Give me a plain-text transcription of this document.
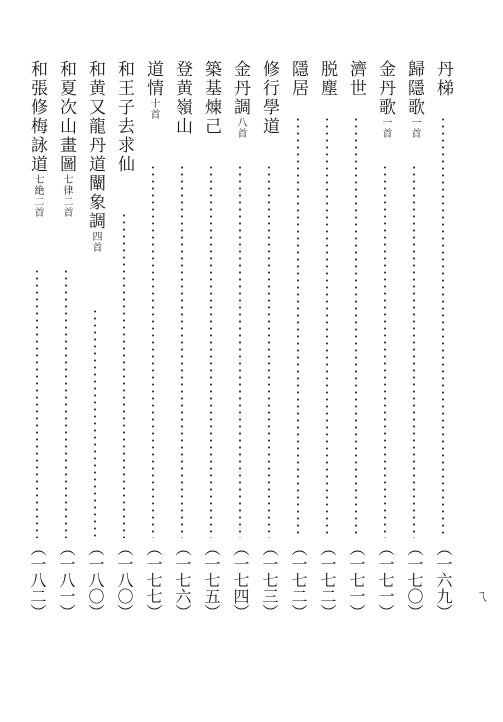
丹梯
（一六九）
歸隱歌一首
（一七〇）
金丹歌一首
（一七一）
濟世
（一七一）
脱塵
（一七二）
隱居
（一七二）
修行學道
（一七三）
金丹調八首
（一七四）
築基煉己
（一七五）
登黄嶺山
（一七六）
道情十首
（一七七）
和王子去求仙
（一八〇）
和黄又龍丹道闡象調四首
（一八〇）
和夏次山畫圖七律二首
（一八一）
和張修梅詠道七絶二首
（一八二）	ㄟ
